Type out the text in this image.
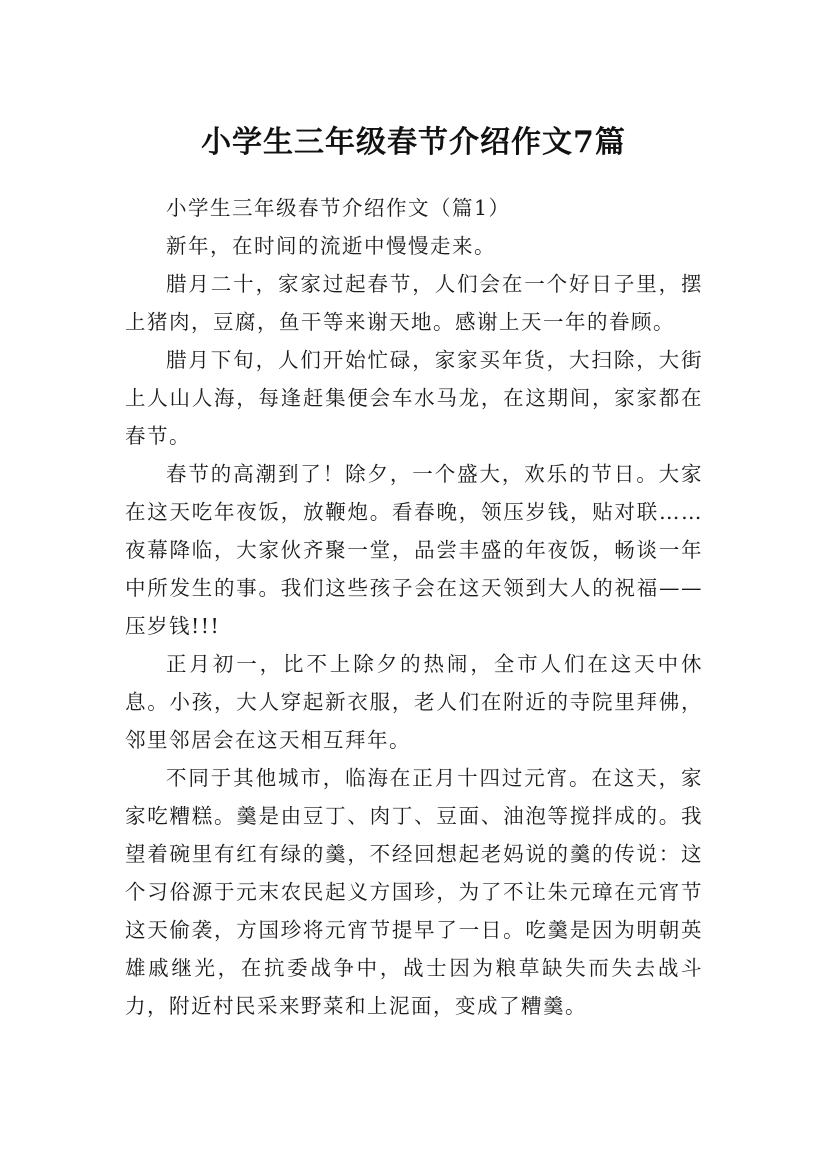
小学生三年级春节介绍作文7篇

小学生三年级春节介绍作文（篇1）

新年，在时间的流逝中慢慢走来。

腊月二十，家家过起春节，人们会在一个好日子里，摆上猪肉，豆腐，鱼干等来谢天地。感谢上天一年的眷顾。

腊月下旬，人们开始忙碌，家家买年货，大扫除，大街上人山人海，每逢赶集便会车水马龙，在这期间，家家都在春节。

春节的高潮到了！除夕，一个盛大，欢乐的节日。大家在这天吃年夜饭，放鞭炮。看春晚，领压岁钱，贴对联……夜幕降临，大家伙齐聚一堂，品尝丰盛的年夜饭，畅谈一年中所发生的事。我们这些孩子会在这天领到大人的祝福——压岁钱!!!

正月初一，比不上除夕的热闹，全市人们在这天中休息。小孩，大人穿起新衣服，老人们在附近的寺院里拜佛，邻里邻居会在这天相互拜年。

不同于其他城市，临海在正月十四过元宵。在这天，家家吃糟糕。羹是由豆丁、肉丁、豆面、油泡等搅拌成的。我望着碗里有红有绿的羹，不经回想起老妈说的羹的传说：这个习俗源于元末农民起义方国珍，为了不让朱元璋在元宵节这天偷袭，方国珍将元宵节提早了一日。吃羹是因为明朝英雄戚继光，在抗委战争中，战士因为粮草缺失而失去战斗力，附近村民采来野菜和上泥面，变成了糟羹。
